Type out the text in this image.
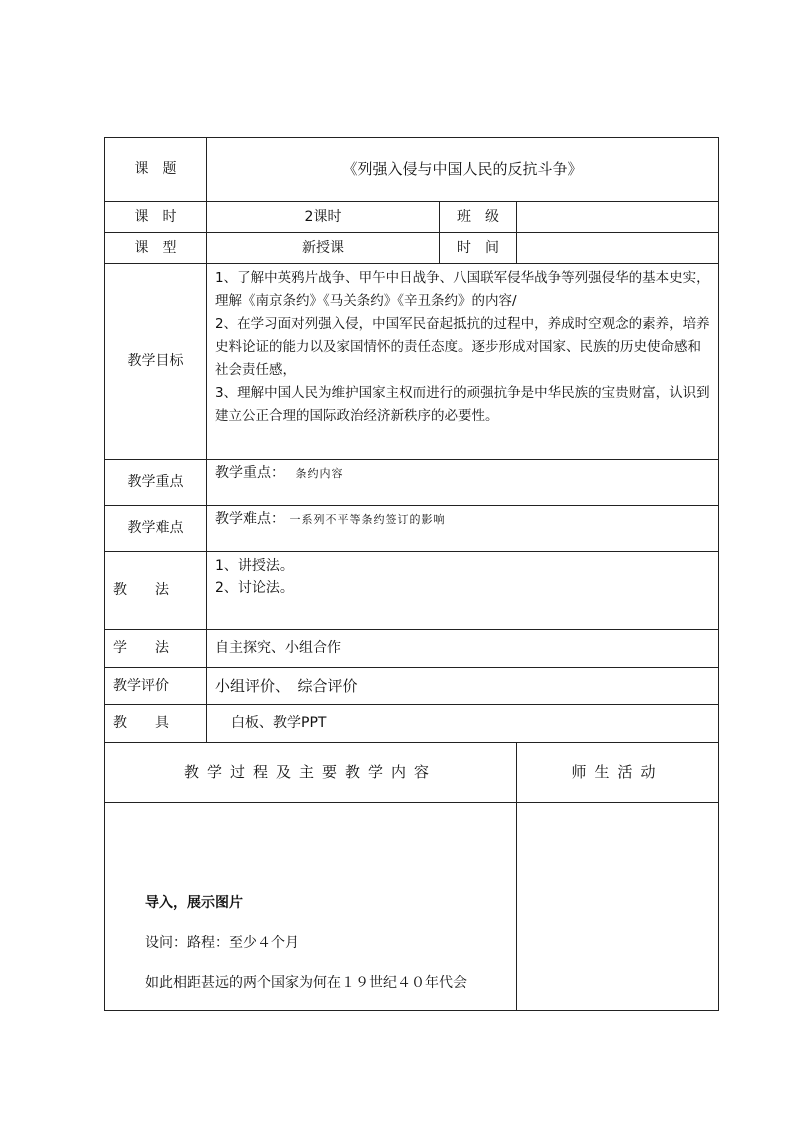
课　题	《列强入侵与中国人民的反抗斗争》		
课　时	2课时	班　级	
课　型	新授课	时　间	
教学目标	1、了解中英鸦片战争、甲午中日战争、八国联军侵华战争等列强侵华的基本史实，理解《南京条约》《马关条约》《辛丑条约》的内容/

2、在学习面对列强入侵，中国军民奋起抵抗的过程中，养成时空观念的素养，培养史料论证的能力以及家国情怀的责任态度。逐步形成对国家、民族的历史使命感和社会责任感，

3、理解中国人民为维护国家主权而进行的顽强抗争是中华民族的宝贵财富，认识到建立公正合理的国际政治经济新秩序的必要性。		

教学重点	教学重点： 条约内容		
教学难点	教学难点： 一系列不平等条约签订的影响		
教　　法	1、讲授法。
2、讨论法。		

学　　法	自主探究、小组合作		
教学评价	小组评价、　综合评价		
教　　具	白板、教学PPT		
教学过程及主要教学内容			师生活动

导入，展示图片

设问：路程：至少４个月

如此相距甚远的两个国家为何在１９世纪４０年代会			
